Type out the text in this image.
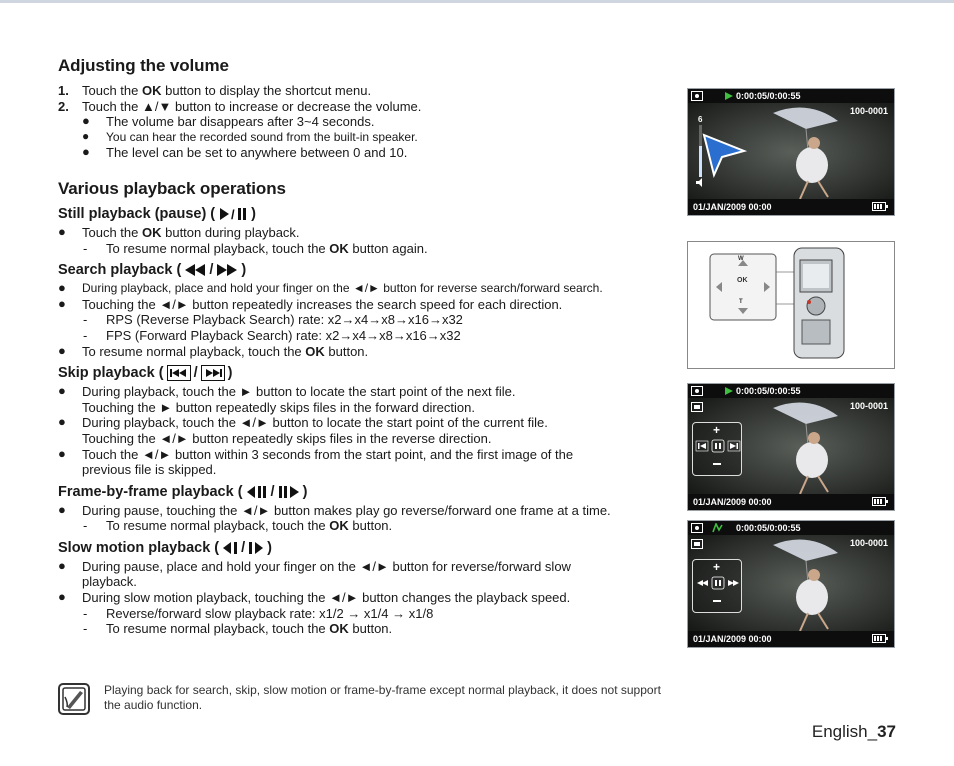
Adjusting the volume
1. Touch the OK button to display the shortcut menu.
2. Touch the ▲/▼ button to increase or decrease the volume.
● The volume bar disappears after 3~4 seconds.
● You can hear the recorded sound from the built-in speaker.
● The level can be set to anywhere between 0 and 10.
Various playback operations
Still playback (pause) ( / )
● Touch the OK button during playback.
- To resume normal playback, touch the OK button again.
Search playback ( / )
● During playback, place and hold your finger on the ◄/► button for reverse search/forward search.
● Touching the ◄/► button repeatedly increases the search speed for each direction.
- RPS (Reverse Playback Search) rate: x2→x4→x8→x16→x32
- FPS (Forward Playback Search) rate: x2→x4→x8→x16→x32
● To resume normal playback, touch the OK button.
Skip playback ( / )
● During playback, touch the ► button to locate the start point of the next file.
Touching the ► button repeatedly skips files in the forward direction.
● During playback, touch the ◄/► button to locate the start point of the current file.
Touching the ◄/► button repeatedly skips files in the reverse direction.
● Touch the ◄/► button within 3 seconds from the start point, and the first image of the
previous file is skipped.
Frame-by-frame playback ( / )
● During pause, touching the ◄/► button makes play go reverse/forward one frame at a time.
- To resume normal playback, touch the OK button.
Slow motion playback ( / )
● During pause, place and hold your finger on the ◄/► button for reverse/forward slow
playback.
● During slow motion playback, touching the ◄/► button changes the playback speed.
- Reverse/forward slow playback rate: x1/2 → x1/4 → x1/8
- To resume normal playback, touch the OK button.
Playing back for search, skip, slow motion or frame-by-frame except normal playback, it does not support the audio function.
English_37
0:00:05/0:00:55
100-0001
6
01/JAN/2009 00:00
W
OK
T
0:00:05/0:00:55
100-0001
+
01/JAN/2009 00:00
0:00:05/0:00:55
100-0001
+
01/JAN/2009 00:00
